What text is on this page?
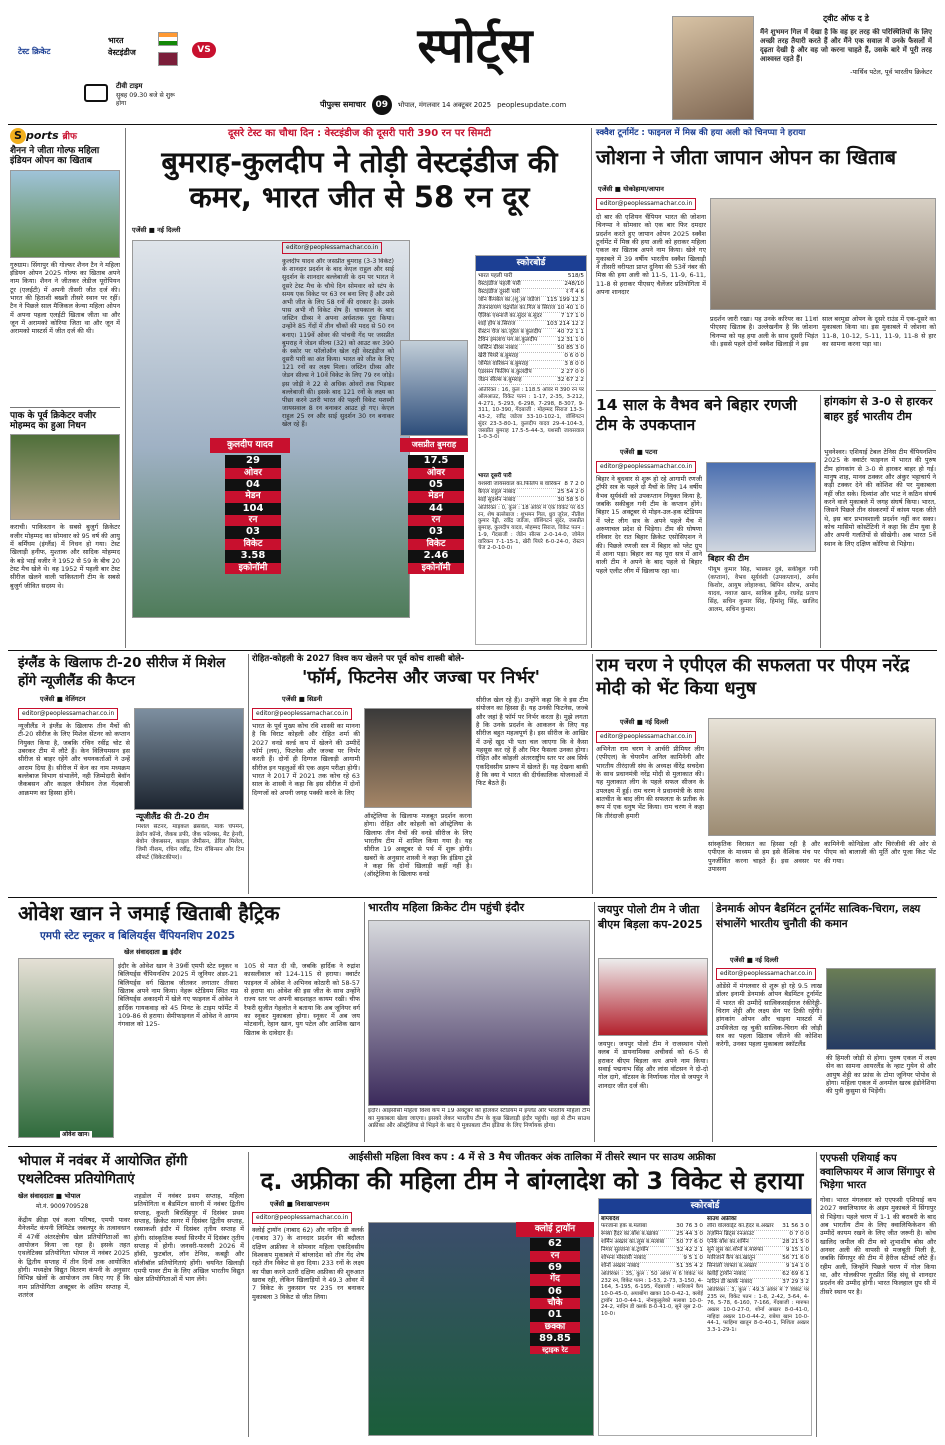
टेस्ट क्रिकेट
भारत
वेस्टइंडीज	VS
टीवी टाइम
सुबह 09.30 बजे से शुरू होगा
स्पोर्ट्स
पीपुल्स समाचार	09	भोपाल, मंगलवार 14 अक्टूबर 2025 peoplesupdate.com
ट्वीट ऑफ द डे
मैंने शुभमन गिल में देखा है कि वह हर तरह की परिस्थितियों के लिए अच्छी तरह तैयारी करते हैं और मैंने एक सवाल में उनके फैसलों में दृढ़ता देखी है और वह जो करना चाहते हैं, उसके बारे में पूरी तरह आश्वस्त रहते हैं।
-पार्थिव पटेल, पूर्व भारतीय क्रिकेटर
S ports ब्रीफ
शैनन ने जीता गोल्फ महिला इंडियन ओपन का खिताब
गुरुग्राम। सिंगापुर की गोल्फर शैनन टैन ने महिला इंडियन ओपन 2025 गोल्फ का खिताब अपने नाम किया। शैनन ने जीतकर लेडीज यूरोपियन टूर (एलईटी) में अपनी तीसरी जीत दर्ज की। भारत की हिताशी बख्शी तीसरे स्थान पर रहीं। टैन ने पिछले साल मैजिकल केन्या महिला ओपन में अपना पहला एलईटी खिताब जीता था और जून में अरामको कोरिया जिता था और जून में अरामको मास्टर्स में जीत दर्ज की थी।
पाक के पूर्व क्रिकेटर वजीर मोहम्मद का हुआ निधन
कराची। पाकिस्तान के सबसे बुजुर्ग क्रिकेटर वजीर मोहम्मद का सोमवार को 95 वर्ष की आयु में बर्मिंघम (इंग्लैंड) में निधन हो गया। टेस्ट खिलाड़ी हनीफ, मुश्ताक और सादिक मोहम्मद के बड़े भाई वजीर ने 1952 से 59 के बीच 20 टेस्ट मैच खेले थे। वह 1952 में पहली बार टेस्ट सीरीज खेलने वाली पाकिस्तानी टीम के सबसे बुजुर्ग जीवित सदस्य थे।
दूसरे टेस्ट का चौथा दिन : वेस्टइंडीज की दूसरी पारी 390 रन पर सिमटी
बुमराह-कुलदीप ने तोड़ी वेस्टइंडीज की कमर, भारत जीत से 58 रन दूर
एजेंसी ■ नई दिल्ली
कुलदीप यादव	जसप्रीत बुमराह
29
ओवर
04
मेडन
104
रन
03
विकेट
3.58
इकोनॉमी
17.5
ओवर
05
मेडन
44
रन
03
विकेट
2.46
इकोनॉमी
editor@peoplessamachar.co.in
कुलदीप यादव और जसप्रीत बुमराह (3-3 विकेट) के शानदार प्रदर्शन के बाद केएल राहुल और साई सुदर्शन के शानदार बल्लेबाजी के दम पर भारत ने दूसरे टेस्ट मैच के चौथे दिन सोमवार को स्टंप के समय एक विकेट पर 63 रन बना लिए हैं और उसे अभी जीत के लिए 58 रनों की दरकार है। उसके पास अभी नौ विकेट शेष हैं। चायकाल के बाद जस्टिन ग्रीव्स ने अपना अर्धशतक पूरा किया। उन्होंने 85 गेंदों में तीन चौकों की मदद से 50 रन बनाए। 119वें ओवर की पांचवी गेंद पर जसप्रीत बुमराह ने जेडन सील्स (32) को आउट कर 390 के स्कोर पर फॉलोऑन खेल रही वेस्टइंडीज को दूसरी पारी का अंत किया। भारत को जीत के लिए 121 रनों का लक्ष्य मिला। जस्टिन ग्रीव्स और जेडन सील्स ने 10वें विकेट के लिए 79 रन जोड़े। इस जोड़ी ने 22 से अधिक ओवरों तक भिड़कर बल्लेबाजी की। इसके बाद 121 रनों के लक्ष्य का पीछा करने उतरी भारत की पहली विकेट यशस्वी जायसवाल 8 रन बनाकर आउट हो गए। केएल राहुल 25 रन और साई सुदर्शन 30 रन बनाकर खेल रहे हैं।
स्कोरबोर्ड
भारत पहली पारी	518/5
वेस्टइंडीज पहली पारी	248/10
वेस्टइंडीज दूसरी पारी	र गें 4 6
जॉन कैंपबेल का.(शु.)ब जडेजा 115 199 12 3
तेजनारायण चंद्रपॉल का.गिल ब सिराज 10 40 1 0
ऐलिक एथनाजे का.सुंदर ब.सुंदर	7 17 1 0
शाई होप ब.सिराज	103 214 12 2
रोस्टन चेज का.जुरेल ब कुलदीप	40 72 1 1
टेविन इमलाच पग.बा.कुलदीप	12 31 1 0
जस्टिन ग्रीव्स नाबाद	50 85 3 0
खेरी पियरे ब.बुमराह	0 6 0 0
जोमेल वारिकन ब.बुमराह	3 8 0 0
एंडरसन फिलिप ब.कुलदीप	2 27 0 0
जेडन सील्स ब.बुमराह	32 67 2 2
अतिरिक्त : 16, कुल : 118.5 ओवर में 390 रन पर ऑलआउट, विकेट पतन : 1-17, 2-35, 3-212, 4-271, 5-293, 6-298, 7-298, 8-307, 9-311, 10-390, गेंदबाजी : मोहम्मद सिराज 13-3-43-2, रवींद्र जडेजा 33-10-102-1, वॉशिंगटन सुंदर 23-3-80-1, कुलदीप यादव 29-4-104-3, जसप्रीत बुमराह 17.5-5-44-3, यशस्वी जायसवाल 1-0-3-0।
भारत दूसरी पारी
यशस्वी जायसवाल का.फिलिप ब वारिकन 8 7 2 0
केएल राहुल नाबाद	25 54 2 0
साई सुदर्शन नाबाद	30 58 5 0
अतिरिक्त : 0, कुल : 18 ओवर में एक विकेट पर 63 रन, शेष बल्लेबाज : शुभमन गिल, ध्रुव जुरेल, नीतीश कुमार रेड्डी, रवींद्र जडेजा, वॉशिंगटन सुंदर, जसप्रीत बुमराह, कुलदीप यादव, मोहम्मद सिराज, विकेट पतन : 1-9, गेंदबाजी : जेडेन सील्स 2-0-14-0, जोमेल वारिकन 7-1-15-1, खेरी पियरे 6-0-24-0, रोस्टन चेज 2-0-10-0।
स्क्वैश टूर्नामेंट : फाइनल में मिस्र की हया अली को चिनप्पा ने हराया
जोशना ने जीता जापान ओपन का खिताब
एजेंसी ■ योकोहामा/जापान
editor@peoplessamachar.co.in
दो बार की एशियन चैंपियन भारत की जोशना चिनप्पा ने सोमवार को एक बार फिर दमदार प्रदर्शन करते हुए जापान ओपन 2025 स्क्वैश टूर्नामेंट में मिस्र की हया अली को हराकर महिला एकल का खिताब अपने नाम किया। खेले गए मुकाबले में 39 वर्षीय भारतीय स्क्वैश खिलाड़ी ने तीसरी वरीयता प्राप्त दुनिया की 53वें नंबर की मिस्र की हया अली को 11-5, 11-9, 6-11, 11-8 से हराकर पीएसए चैलेंजर प्रतियोगिता में अपना शानदार
प्रदर्शन जारी रखा। यह उनके करियर का 11वां पीएसए खिताब है। उल्लेखनीय है कि जोशना चिनप्पा को यह हया अली के साथ दूसरी भिड़ंत थी। इससे पहले दोनों स्क्वैश खिलाड़ी ने इस
साल बरमूडा ओपन के दूसरे राउंड में एक-दूसरे का मुकाबला किया था। इस मुकाबले में जोशना को 11-8, 10-12, 5-11, 11-9, 11-8 से हार का सामना करना पड़ा था।
14 साल के वैभव बने बिहार रणजी टीम के उपकप्तान
एजेंसी ■ पटना
editor@peoplessamachar.co.in
बिहार ने बुधवार से शुरू हो रहे आगामी रणजी ट्रॉफी सत्र के पहले दो मैचों के लिए 14 वर्षीय वैभव सूर्यवंशी को उपकप्तान नियुक्त किया है, जबकि सकीबुल गनी टीम के कप्तान होंगे। बिहार 15 अक्टूबर से मोइन-उल-हक स्टेडियम में प्लेट लीग सत्र के अपने पहले मैच में अरुणाचल प्रदेश से भिड़ेगा। टीम की घोषणा रविवार देर रात बिहार क्रिकेट एसोसिएशन ने की। पिछले रणजी सत्र में बिहार को प्लेट ग्रुप में आना पड़ा। बिहार का यह पूरा सत्र में आने वाली टीम ने अपने के बाद पहले से बिहार पहले एलीट लीग में खिलाफ रहा था।
बिहार की टीम
पीयूष कुमार सिंह, भास्कर दुबे, सकीबुल गनी (कप्तान), वैभव सूर्यवंशी (उपकप्तान), अर्नव किशोर, आयुष लोहारुका, बिपिन सौरभ, अमोद यादव, नवाज खान, साकिब हुसैन, रघवेंद्र प्रताप सिंह, सचिन कुमार सिंह, हिमांशु सिंह, खालिद आलम, सचिन कुमार।
हांगकांग से 3-0 से हारकर बाहर हुई भारतीय टीम
भुवनेश्वर। एशियाई टेबल टेनिस टीम चैंपियनशिप 2025 के क्वार्टर फाइनल में भारत की पुरुष टीम हांगकांग से 3-0 से हारकर बाहर हो गई। मानुष शाह, मानव ठक्कर और अंकुर भट्टाचार्य ने कड़ी टक्कर देने की कोशिश की पर मुकाबला नहीं जीत सके। दिव्यांश और भाट ने कठिन संघर्ष करने वाले मुकाबले में जगह संघर्ष किया। भारत, जिसने पिछले तीन संस्करणों में कांस्य पदक जीते थे, इस बार प्रभावशाली प्रदर्शन नहीं कर सका। कोच मासिमो कोस्टेंटिनी ने कहा कि टीम युवा है और अपनी गलतियों से सीखेगी। अब भारत 5वें स्थान के लिए दक्षिण कोरिया से भिड़ेगा।
इंग्लैंड के खिलाफ टी-20 सीरीज में मिशेल होंगे न्यूजीलैंड की कैप्टन
एजेंसी ■ वेलिंगटन
editor@peoplessamachar.co.in
न्यूजीलैंड ने इंग्लैंड के खिलाफ तीन मैचों की टी-20 सीरीज के लिए मिशेल सेंटनर को कप्तान नियुक्त किया है, जबकि रचिन रवींद्र चोट से उबरकर टीम में लौटे हैं। केन विलियमसन इस सीरीज से बाहर रहेंगे और चयनकर्ताओं ने उन्हें आराम दिया है। सीरीज में केन का नाम मध्यक्रम बल्लेबाज विभाग संभालेंगे, नही जिम्मेदारी बेवॉन जैकबसन और काइल जैमीसन तेज गेंदबाजी आक्रमण का हिस्सा होंगे।
न्यूजीलैंड की टी-20 टीम
मिशेल सैंटनर, माइकल ब्रेसवेल, मार्क चैपमैन, डेवॉन कॉन्वे, जैकब डफी, जैक फॉल्क्स, मैट हेनरी, बेवोन जैकबसन, काइल जैमीसन, डेरिल मिशेल, जिमी नीशम, रचिन रवींद्र, टिम रॉबिन्सन और टिम सीफर्ट (विकेटकीपर)।
रोहित-कोहली के 2027 विश्व कप खेलने पर पूर्व कोच शास्त्री बोले-
'फॉर्म, फिटनेस और जज्बा पर निर्भर'
एजेंसी ■ सिडनी
editor@peoplessamachar.co.in
भारत के पूर्व मुख्य कोच रवि शास्त्री का मानना है कि विराट कोहली और रोहित शर्मा की 2027 वनडे वर्ल्ड कप में खेलने की उम्मीदें फॉर्म (लय), फिटनेस और जज्बा पर निर्भर करती हैं। दोनों ही दिग्गज खिलाड़ी आगामी सीरीज इन पहलुओं की एक अहम परीक्षा होगी। भारत ने 2017 में 2021 तक कोच रहे 63 साल के शास्त्री ने कहा कि इस सीरीज में दोनों दिग्गजों को अपनी जगह पक्की करने के लिए
ऑस्ट्रेलिया के खिलाफ मजबूत प्रदर्शन करना होगा। रोहित और कोहली को ऑस्ट्रेलिया के खिलाफ तीन मैचों की वनडे सीरीज के लिए भारतीय टीम में शामिल किया गया है। यह सीरीज 19 अक्टूबर से पर्थ में शुरू होगी। खबरों के अनुसार शास्त्री ने कहा कि इंडिया टुडे ने कहा कि दोनों खिलाड़ी कहीं नहीं है। (ऑस्ट्रेलिया के खिलाफ वनडे
सीरीज खेल रहे हैं)। उन्होंने कहा कि वे इस टीम संयोजन का हिस्सा हैं। यह उनकी फिटनेस, जज्बे और जहां है फॉर्म पर निर्भर करता है। मुझे लगता है कि उनके प्रदर्शन के आकलन के लिए यह सीरीज बहुत महत्वपूर्ण है। इस सीरीज के आखिर में उन्हें खुद भी पता चल जाएगा कि वे कैसा महसूस कर रहे हैं और फिर फैसला उनका होगा। रोहित और कोहली अंतरराष्ट्रीय स्तर पर अब सिर्फ एकदिवसीय प्रारूप में खेलते हैं। यह देखना बाकी है कि क्या ये भारत की दीर्घकालिक योजनाओं में फिट बैठते हैं।
राम चरण ने एपीएल की सफलता पर पीएम नरेंद्र मोदी को भेंट किया धनुष
एजेंसी ■ नई दिल्ली
editor@peoplessamachar.co.in
अभिनेता राम चरण ने आर्चरी प्रीमियर लीग (एपीएल) के चेयरमैन अनिल कामिनेनी और भारतीय तीरंदाजी संघ के अध्यक्ष वीरेंद्र सचदेवा के साथ प्रधानमंत्री नरेंद्र मोदी से मुलाकात की। यह मुलाकात लीग के पहले सफल सीजन के उपलक्ष्य में हुई। राम चरण ने प्रधानमंत्री के साथ बातचीत के बाद लीग की सफलता के प्रतीक के रूप में एक धनुष भेंट किया। राम चरण ने कहा कि तीरंदाजी हमारी
सांस्कृतिक विरासत का हिस्सा रही है और एपीएल के माध्यम से हम इसे वैश्विक मंच पर पुनर्जीवित करना चाहते हैं। इस अवसर पर उपासना
कामिनेनी कोनिडेला और चिरंजीवी की ओर से पीएम को बालाजी की मूर्ति और पूजा किट भेंट की गया।
ओवेश खान ने जमाई खिताबी हैट्रिक
एमपी स्टेट स्नूकर व बिलियर्ड्स चैंपियनशिप 2025
खेल संवाददाता ■ इंदौर
ओवेश खान।
इंदौर के ओवेश खान ने 39वीं एमपी स्टेट स्नूकर व बिलियर्ड्स चैंपियनशिप 2025 में जूनियर अंडर-21 बिलियर्ड्स वर्ग खिताब जीतकर लगातार तीसरा खिताब अपने नाम किया। नेहरू स्टेडियम स्थित मप्र बिलियर्ड्स अकादमी में खेले गए फाइनल में ओवेश ने हार्दिक गायकवाड़ को 45 मिनट के टाइम फॉर्मेट में 109-86 से हराया। सेमीफाइनल में ओवेश ने आगम गंगवाल को 125-
105 से मात दी थी, जबकि हार्दिक ने रुद्रांश कासलीवाल को 124-115 से हराया। क्वार्टर फाइनल में ओवेश ने अभिनव कोठारी को 58-57 से हराया था। ओवेश की इस जीत के साथ उन्होंने राज्य स्तर पर अपनी बादशाहत कायम रखी। चीफ रैफरी सुजीत गेहलोत ने बताया कि अब जूनियर वर्ग का स्नूकर मुकाबला होगा। स्नूकर में अब जय मोटवानी, रेहान खान, युग पटेल और आशिक खान खिताब के दावेदार हैं।
भारतीय महिला क्रिकेट टीम पहुंची इंदौर
इंदौर। आईसीसी महिला विश्व कप में 19 अक्टूबर को होलकर स्टेडियम में इंग्लैंड और भारतीय महिला टीम का मुकाबला खेला जाएगा। इसको लेकर भारतीय टीम के कुछ खिलाड़ी इंदौर पहुंची। वहां से टीम साउथ अफ्रीका और ऑस्ट्रेलिया से भिड़ने के बाद ये मुकाबला टीम इंडिया के लिए निर्णायक होगा।
जयपुर पोलो टीम ने जीता बीएम बिड़ला कप-2025
जयपुर। जयपुर पोलो टीम ने राजस्थान पोलो क्लब में डायनामिक्स अचीवर्स को 6-5 से हराकर बीएम बिड़ला कप अपने नाम किया। सवाई पद्मनाभ सिंह और लांस वॉटसन ने दो-दो गोल दागे, वॉटसन के निर्णायक गोल से जयपुर ने शानदार जीत दर्ज की।
डेनमार्क ओपन बैडमिंटन टूर्नामेंट सात्विक-चिराग, लक्ष्य संभालेंगे भारतीय चुनौती की कमान
एजेंसी ■ नई दिल्ली
editor@peoplessamachar.co.in
ओडेंसे में मंगलवार से शुरू हो रहे 9.5 लाख डॉलर इनामी डेनमार्क ओपन बैडमिंटन टूर्नामेंट में भारत की उम्मीदें सात्विकसाईराज रंकीरेड्डी-चिराग शेट्टी और लक्ष्य सेन पर टिकी रहेंगी। हांगकांग ओपन और चाइना मास्टर्स में उपविजेता रह चुकी सात्विक-चिराग की जोड़ी सत्र का पहला खिताब जीतने की कोशिश करेगी, उनका पहला मुकाबला स्कॉटलैंड
की हिमली जोड़ी से होगा। पुरुष एकल में लक्ष्य सेन का सामना आयरलैंड के न्हाट गुयेन से और आयुष शेट्टी का फ्रांस के टोमा जूनियर पोपोव से होगा। महिला एकल में अनमोल खरब इंडोनेशिया की पुत्री कुसुमा से भिड़ेंगी।
भोपाल में नवंबर में आयोजित होंगी एथलेटिक्स प्रतियोगिताएं
खेल संवाददाता ■ भोपाल
मो.नं. 9009709528
केंद्रीय क्रीड़ा एवं कला परिषद, एमपी पावर मैनेजमेंट कंपनी लिमिटेड जबलपुर के तत्वावधान में 47वीं अंतरक्षेत्रीय खेल प्रतियोगिताओं का आयोजन किया जा रहा है। इसके तहत एथलेटिक्स प्रतियोगिता भोपाल में नवंबर 2025 के द्वितीय सप्ताह में तीन दिनों तक आयोजित होगी। मध्यक्षेत्र विद्युत वितरण कंपनी के अनुसार विभिन्न खेलों के आयोजन तय किए गए हैं कि नाम प्रतियोगिता अक्टूबर के अंतिम सप्ताह में, शतरंज
शहडोल में नवंबर प्रथम सप्ताह, महिला प्रतियोगिता व बैडमिंटन सारनी में नवंबर द्वितीय सप्ताह, कुश्ती बिरसिंहपुर में दिसंबर प्रथम सप्ताह, क्रिकेट सागर में दिसंबर द्वितीय सप्ताह, रस्साकशी इंदौर में दिसंबर तृतीय सप्ताह में होगी। सांस्कृतिक स्पर्धा सिरमौर में दिसंबर तृतीय सप्ताह में होगी। जनवरी-फरवरी 2026 में हॉकी, फुटबॉल, लॉन टेनिस, कबड्डी और वॉलीबॉल प्रतियोगिताएं होंगी। चयनित खिलाड़ी एमपी पावर टीम के लिए अखिल भारतीय विद्युत खेल प्रतियोगिताओं में भाग लेंगे।
आईसीसी महिला विश्व कप : 4 में से 3 मैच जीतकर अंक तालिका में तीसरे स्थान पर साउथ अफ्रीका
द. अफ्रीका की महिला टीम ने बांग्लादेश को 3 विकेट से हराया
एजेंसी ■ विशाखापत्तनम
editor@peoplessamachar.co.in
क्लोई ट्रायॉन (नाबाद 62) और नादिन डी क्लर्क (नाबाद 37) के शानदार प्रदर्शन की बदौलत दक्षिण अफ्रीका ने सोमवार महिला एकदिवसीय विश्वकप मुकाबले में बांग्लादेश को तीन गेंद शेष रहते तीन विकेट से हरा दिया। 233 रनों के लक्ष्य का पीछा करने उतरी दक्षिण अफ्रीका की शुरुआत खराब रही, लेकिन खिलाड़ियों ने 49.3 ओवर में 7 विकेट के नुकसान पर 235 रन बनाकर मुकाबला 3 विकेट से जीत लिया।
क्लोई ट्रायॉन
62
रन
69
गेंद
06
चौके
01
छक्का
89.85
स्ट्राइक रेट
स्कोरबोर्ड
बांग्लादेश
फरजाना हक ब.मलाबा	30 76 3 0
रूब्या हैदर का.बॉश ब.खाका	25 44 3 0
शर्मिन अख्तर का.लूस ब.मलाबा 50 77 6 0
निगार सुल्ताना ब.ट्रायॉन	32 42 2 1
शोभना मोस्तारी नाबाद	9 5 1 0
शोर्ना अख्तर नाबाद	51 35 4 2
अतिरिक्त : 35, कुल : 50 ओवर में 6 विकेट पर 232 रन, विकेट पतन : 1-53, 2-73, 3-150, 4-164, 5-195, 6-195, गेंदबाजी : मारिजाने कैप 10-0-45-0, अयाबोंगा खाका 10-0-42-1, क्लोई ट्रायॉन 10-0-44-1, नोनकुलुलेको मलाबा 10-0-24-2, नादिन डी क्लर्क 8-0-41-0, सुने लूस 2-0-10-0।
साउथ अफ्रीका
लौरा वोलवार्ड्ट का.हैदर ब.अख्तर 31 56 3 0
तज़मिन ब्रिट्स रनआउट	0 7 0 0
एनेके बॉश का.शर्मिन	28 21 5 0
सुने लूस का.शोर्ना ब.मारुफा	9 15 1 0
मारिजाने कैप का.खातून	56 71 6 0
सिनालो जाफ्ता ब.अख्तर	9 14 1 0
क्लोई ट्रायॉन नाबाद	62 69 6 1
नादिन डी क्लर्क नाबाद	37 29 3 2
अतिरिक्त : 3, कुल : 49.3 ओवर में 7 विकेट पर 235 रन, विकेट पतन : 1-8, 2-42, 3-64, 4-76, 5-78, 6-160, 7-166, गेंदबाजी : मारुफा अख्तर 10-0-27-0, शोर्ना अख्तर 8-0-41-0, नाहिदा अख्तर 10-0-44-2, राबेया खान 10-0-44-1, फाहिमा खातून 8-0-40-1, निशिता अख्तर 3.3-1-29-1।
एएफसी एशियाई कप क्वालिफायर में आज सिंगापुर से भिड़ेगा भारत
गोवा। भारत मंगलवार को एएफसी एशियाई कप 2027 क्वालिफायर के अहम मुकाबले में सिंगापुर से भिड़ेगा। पहले चरण में 1-1 की बराबरी के बाद अब भारतीय टीम के लिए क्वालिफिकेशन की उम्मीदें कायम रखने के लिए जीत जरूरी है। कोच खालिद जमील की टीम को शुभाशीष बोस और अनवर अली की वापसी से मजबूती मिली है, जबकि सिंगापुर की टीम में हैरीज स्टीवर्ट लौटे हैं। रहीम अली, जिन्होंने पिछले चरण में गोल किया था, और गोलकीपर गुरप्रीत सिंह संधू से शानदार प्रदर्शन की उम्मीद होगी। भारत फिलहाल ग्रुप सी में तीसरे स्थान पर है।
